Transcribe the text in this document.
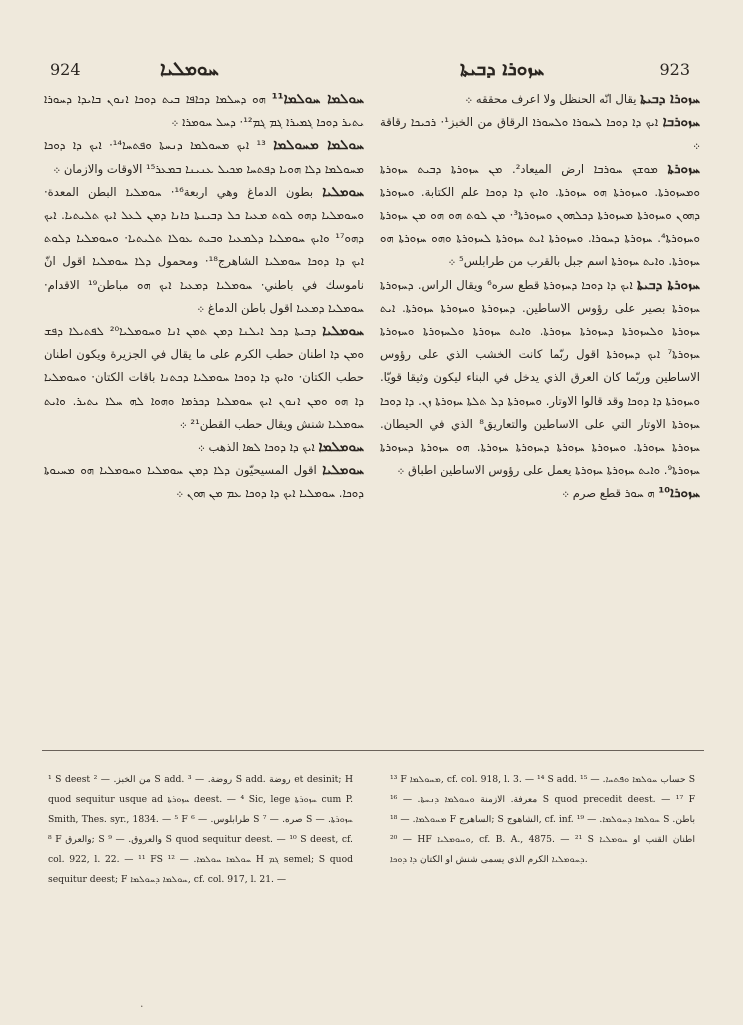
924	ܚܘܡܠܝܐ	ܚܙܘܪܐ ܕܒܝܬܐ	923

ܚܘܠܡܐ ܚܘܠܡܐ¹¹ ܗܘ ܕܚܠܡܐ ܕܟܐܦܐ ܒܝܬ ܕܘܟܐ ܐܢܘܢ ܒܐܝܕܐ ܕܚܘܪܐ ܝܬܝܪ ܕܘܟܐ ܓܡܝܪܐ ܓܡ ܓܡ¹²· ܕܚܠ ܚܘܡܪܐ ܀

ܚܘܠܡܐ ܡܚܘܠܡܐ ¹³ ܐܝܟ ܡܚܘܠܡܐ ܕܢܚܬܐ ܘܦܬܚܐ¹⁴· ܐܝܟ ܕܐ ܕܘܟܐ ܡܚܘܠܡܐ ܕܠܐ ܗܘܝܐ ܕܦܬܚܐ ܡܟܝܠ ܥܢܝܢܐ ܒܡܥܪ¹⁵ الاوقات والازمان ܀

ܚܘܡܠܝܐ بطون الدماغ وهي اربعة¹⁶· ܚܘܡܠܝܐ البطن المعدة· ܘܚܘܡܠܝܐ ܕܗܘ ܠܘܬ ܡܥܝܐ ܟܠ ܕܒܝܢܬܐ ܟܐܢܐ ܕܡܢ ܠܥܠ ܐܝܟ ܬܠܝܬܝܐ. ܐܝܟ ܕܗܘ¹⁷ ܘܐܝܟ ܚܘܡܠܝܐ ܕܠܡܥܝܐ ܘܒܝܬ ܥܘܠܐ ܬܠܝܬܝܐ· ܘܚܘܡܠܝܐ ܕܠܘܬ ܐܝܟ ܕܐ ܕܘܟܐ ܚܘܡܠܝܐ الشاهرج¹⁸· ومحمول ܕܠܐ ܚܘܡܠܝܐ اقول انّ ناموسك في باطني· ܚܘܡܠܝܐ ܕܡܥܝܐ ܐܝܟ ܗܘ مباطن¹⁹ الاقدام· ܚܘܡܠܝܐ ܕܡܥܝܐ اقول باطن الدماغ ܀

ܚܘܡܠܝܐ ܕܒܝܬܐ ܕܟܠ ܐܝܠܢܐ ܕܡܢ ܬܡܢ ܐܢܐ ܘܚܘܡܠܝܐ²⁰ ܠܦܬܝܠܐ ܕܦܫ ܘܡܢ ܕܐ اطنان حطب الكرم على ما يقال في الجزيرة ويكون اطنان حطب الكتان· ܘܐܝܟ ܕܐ ܕܘܟܐ ܚܘܡܠܝܐ ܕܟܬܢܐ باقات الكتان· ܘܚܘܡܠܝܐ ܕܐ ܗܘ ܘܡܢ ܐܢܘܢ ܐܝܟ ܚܘܡܠܝܐ ܕܟܪܡܐ ܘܗܘܐ ܠܗ ܚܠܐ ܝܬܝܪ. ܘܐܝܬ ܚܘܡܠܝܐ شنش ويقال حطب القطن²¹ ܀

ܚܘܡܠܡܐ ܐܝܟ ܕܐ ܕܘܟܐ ܠܣܐ الذهب ܀

ܚܘܡܠܝܐ اقول المسيحيّون ܕܠܐ ܕܡܢ ܚܘܡܠܝܐ ܘܚܘܡܠܝܐ ܗܘ ܡܚܝܘܬܐ ܕܘܟܐ. ܚܘܡܠܝܐ ܐܝܟ ܕܐ ܕܘܟܐ ܥܡ ܡܢ ܗܘܢ ܀

ܚܙܘܪܐ ܕܒܝܬܐ يقال انّه الحنظل ولا اعرف محققه ܀

ܚܙܘܪܒܐ ܐܝܟ ܕܐ ܕܘܟܐ ܠܚܘܪܐ ܘܠܚܘܪܐ الرقاق من الخبز¹· ܪܟܝܟܐ رقاقة ܀

ܚܙܘܪܬܐ ܡܘܫܟ ܚܘܪܒܐ ارض الميعاد². ܡܢ ܚܙܘܪܬܐ ܕܒܝܬ ܚܙܘܪܬܐ ܘܡܚܙܘܪܬܐ. ܘܚܙܘܪܬܐ ܗܘ ܚܙܘܪܬܐ. ܘܐܝܟ ܕܐ ܕܘܟܐ علم الكتابة. ܘܚܙܘܪܬܐ ܕܗܘܢ ܘܚܙܘܪܬܐ ܡܚܙܘܪܬܐ ܕܟܠܗܘܢ ܘܚܙܘܪܬܐ³· ܡܢ ܠܘܬ ܗܘ ܗܘ ܡܢ ܚܙܘܪܬܐ ܘܚܙܘܪܬܐ⁴. ܚܙܘܪܬܐ ܕܚܘܪܐ. ܘܚܙܘܪܬܐ ܐܝܬ ܚܙܘܪܬܐ ܠܚܙܘܪܬܐ ܘܗܘ ܚܙܘܪܬܐ ܗܘ ܚܙܘܪܬܐ. ܘܐܝܬ ܚܙܘܪܬܐ اسم جبل بالقرب من طرابلس⁵ ܀

ܚܙܘܪܬܐ ܕܒܝܬܐ ܐܝܟ ܕܐ ܕܘܟܐ ܕܚܙܘܪܬܐ قطع سره⁶ ويقال الراس. ܕܚܙܘܪܬܐ ܚܙܘܪܬܐ بصير على رؤوس الاساطين. ܕܚܙܘܪܬܐ ܘܚܙܘܪܬܐ ܚܙܘܪܬܐ. ܐܝܬ ܚܙܘܪܬܐ ܘܠܚܙܘܪܬܐ ܕܚܙܘܪܬܐ ܚܙܘܪܬܐ. ܘܐܝܬ ܚܙܘܪܬܐ ܘܠܚܙܘܪܬܐ ܘܚܙܘܪܬܐ ܚܙܘܪܬܐ⁷ ܐܝܟ ܕܚܙܘܪܬܐ اقول ربّما كانت الخشب الذي على رؤوس الاساطين وربّما كان العرق الذي يدخل في البناء ليكون وثيقا قويّا. ܘܚܙܘܪܬܐ ܕܐ ܕܘܟܐ وقد قالوا الاوتار. ܘܚܙܘܪܬܐ ܕܠ ܬܠܬܐ ܚܙܘܪܬܐ ܙܢ. ܕܐ ܕܘܟܐ ܚܙܘܪܬܐ الاوتار التي على الاساطين والتعاريق⁸ الذي في الحيطان. ܚܙܘܪܬܐ ܚܙܘܪܬܐ. ܘܚܙܘܪܬܐ ܚܙܘܪܬܐ ܕܚܙܘܪܬܐ ܚܙܘܪܬܐ. ܗܘ ܚܙܘܪܬܐ ܕܚܙܘܪܬܐ ܚܙܘܪܬܐ⁹. ܘܐܝܬ ܚܙܘܪܬܐ ܚܙܘܪܬܐ يعمل على رؤوس الاساطين اطباق ܀

ܚܙܘܪܐ¹⁰ ܗ ܚܘܪ قطع صرم ܀

¹ S deest من الخبز. — ² S add. روضة. — ³ S add. روضة et desinit; H quod sequitur usque ad ܚܙܘܪܬܐ deest. — ⁴ Sic, lege ܚܙܘܪܬܐ cum P. Smith, Thes. syr., 1834. — ⁵ F طرابلوس. — ⁶ S صره. — ⁷ S ܚܙܘܪܬܐ. — ⁸ F والعرق; S والعروق. — ⁹ S quod sequitur deest. — ¹⁰ S deest, cf. col. 922, l. 22. — ¹¹ FS ܚܘܠܡܐ ܚܘܠܡܐ. — ¹² H ܓܡ semel; S quod sequitur deest; F ܚܘܠܡܐ ܕܚܘܠܡܐ, cf. col. 917, l. 21. —

¹³ F ܡܚܘܠܡܐ, cf. col. 918, l. 3. — ¹⁴ S add. حساب ܚܘܠܡܐ ܘܦܬܚܐ. — ¹⁵ S معرفة. الازمنة ܘܚܘܠܡܐ ܕܢܚܬܐ. — ¹⁶ S quod precedit deest. — ¹⁷ F ܡܚܘܠܡܐ. — ¹⁸ F الساهرج; S الشاهوج, cf. inf. ܚܘܠܡܐ ܕܚܘܠܡܐ. — ¹⁹ S باطن. — ²⁰ HF ܘܚܘܡܠܝܐ, cf. B. A., 4875. — ²¹ S اطنان القنب او ܚܘܡܠܝܐ ܕܚܘܡܠܝܐ الكرم الذي يسمى شنش او الكتان ܕܐ ܕܘܟܐ.

·
